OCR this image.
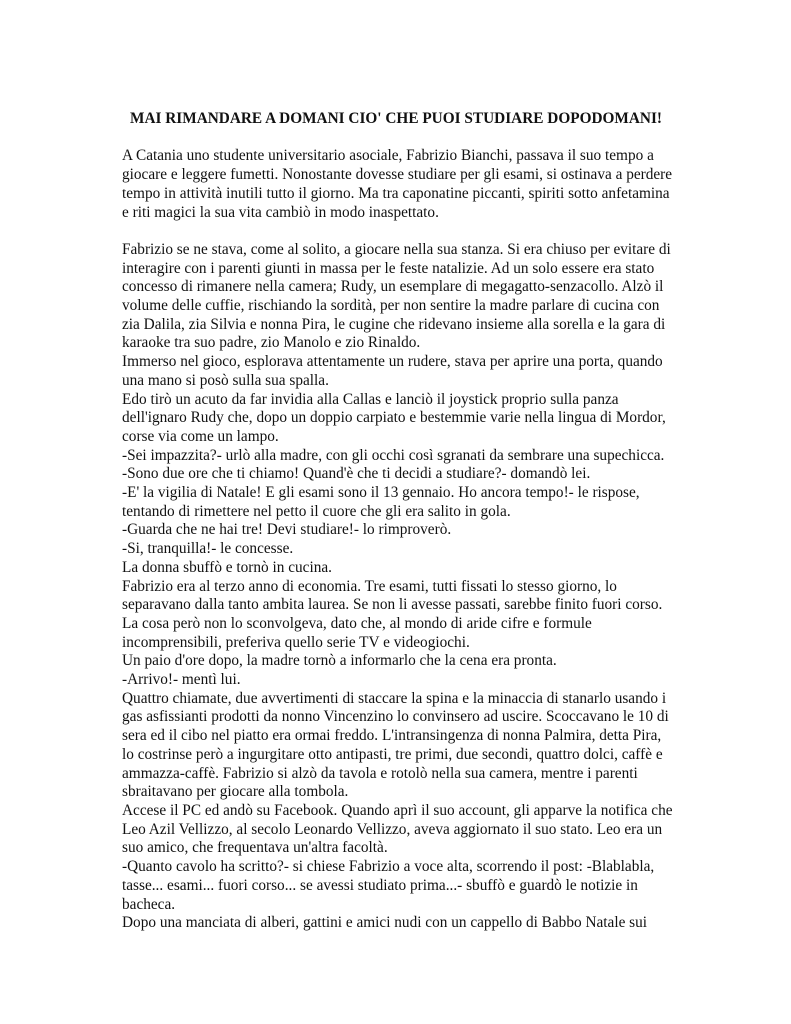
MAI RIMANDARE A DOMANI CIO' CHE PUOI STUDIARE DOPODOMANI!

A Catania uno studente universitario asociale, Fabrizio Bianchi, passava il suo tempo a
giocare e leggere fumetti. Nonostante dovesse studiare per gli esami, si ostinava a perdere
tempo in attività inutili tutto il giorno. Ma tra caponatine piccanti, spiriti sotto anfetamina
e riti magici la sua vita cambiò in modo inaspettato.
Fabrizio se ne stava, come al solito, a giocare nella sua stanza. Si era chiuso per evitare di
interagire con i parenti giunti in massa per le feste natalizie. Ad un solo essere era stato
concesso di rimanere nella camera; Rudy, un esemplare di megagatto-senzacollo. Alzò il
volume delle cuffie, rischiando la sordità, per non sentire la madre parlare di cucina con
zia Dalila, zia Silvia e nonna Pira, le cugine che ridevano insieme alla sorella e la gara di
karaoke tra suo padre, zio Manolo e zio Rinaldo.
Immerso nel gioco, esplorava attentamente un rudere, stava per aprire una porta, quando
una mano si posò sulla sua spalla.
Edo tirò un acuto da far invidia alla Callas e lanciò il joystick proprio sulla panza
dell'ignaro Rudy che, dopo un doppio carpiato e bestemmie varie nella lingua di Mordor,
corse via come un lampo.
-Sei impazzita?- urlò alla madre, con gli occhi così sgranati da sembrare una supechicca.
-Sono due ore che ti chiamo! Quand'è che ti decidi a studiare?- domandò lei.
-E' la vigilia di Natale! E gli esami sono il 13 gennaio. Ho ancora tempo!- le rispose,
tentando di rimettere nel petto il cuore che gli era salito in gola.
-Guarda che ne hai tre! Devi studiare!- lo rimproverò.
-Si, tranquilla!- le concesse.
La donna sbuffò e tornò in cucina.
Fabrizio era al terzo anno di economia. Tre esami, tutti fissati lo stesso giorno, lo
separavano dalla tanto ambita laurea. Se non li avesse passati, sarebbe finito fuori corso.
La cosa però non lo sconvolgeva, dato che, al mondo di aride cifre e formule
incomprensibili, preferiva quello serie TV e videogiochi.
Un paio d'ore dopo, la madre tornò a informarlo che la cena era pronta.
-Arrivo!- mentì lui.
Quattro chiamate, due avvertimenti di staccare la spina e la minaccia di stanarlo usando i
gas asfissianti prodotti da nonno Vincenzino lo convinsero ad uscire. Scoccavano le 10 di
sera ed il cibo nel piatto era ormai freddo. L'intransingenza di nonna Palmira, detta Pira,
lo costrinse però a ingurgitare otto antipasti, tre primi, due secondi, quattro dolci, caffè e
ammazza-caffè. Fabrizio si alzò da tavola e rotolò nella sua camera, mentre i parenti
sbraitavano per giocare alla tombola.
Accese il PC ed andò su Facebook. Quando aprì il suo account, gli apparve la notifica che
Leo Azil Vellizzo, al secolo Leonardo Vellizzo, aveva aggiornato il suo stato. Leo era un
suo amico, che frequentava un'altra facoltà.
-Quanto cavolo ha scritto?- si chiese Fabrizio a voce alta, scorrendo il post: -Blablabla,
tasse... esami... fuori corso... se avessi studiato prima...- sbuffò e guardò le notizie in
bacheca.
Dopo una manciata di alberi, gattini e amici nudi con un cappello di Babbo Natale sui
